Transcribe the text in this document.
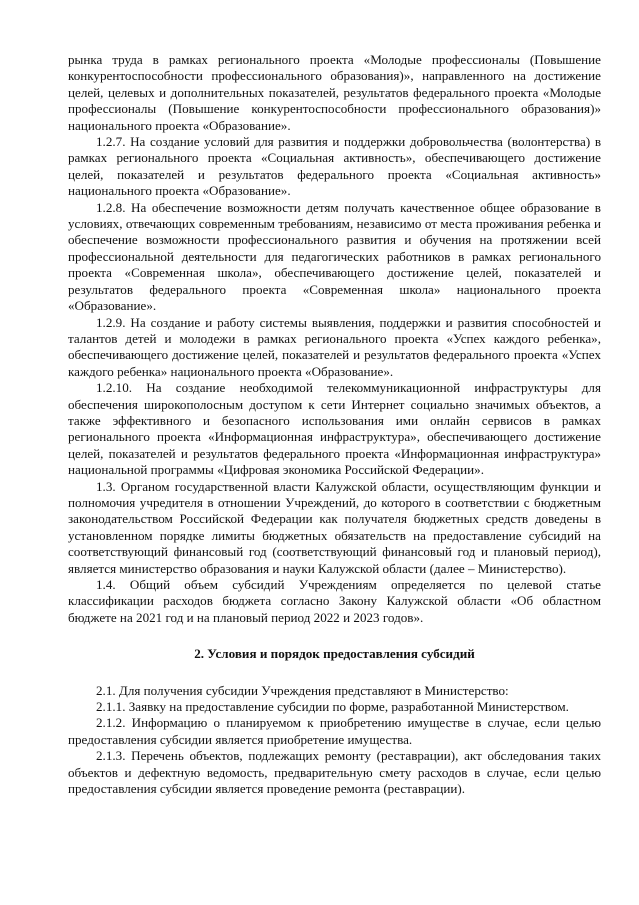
рынка труда в рамках регионального проекта «Молодые профессионалы (Повышение конкурентоспособности профессионального образования)», направленного на достижение целей, целевых и дополнительных показателей, результатов федерального проекта «Молодые профессионалы (Повышение конкурентоспособности профессионального образования)» национального проекта «Образование».

1.2.7. На создание условий для развития и поддержки добровольчества (волонтерства) в рамках регионального проекта «Социальная активность», обеспечивающего достижение целей, показателей и результатов федерального проекта «Социальная активность» национального проекта «Образование».

1.2.8. На обеспечение возможности детям получать качественное общее образование в условиях, отвечающих современным требованиям, независимо от места проживания ребенка и обеспечение возможности профессионального развития и обучения на протяжении всей профессиональной деятельности для педагогических работников в рамках регионального проекта «Современная школа», обеспечивающего достижение целей, показателей и результатов федерального проекта «Современная школа» национального проекта «Образование».

1.2.9. На создание и работу системы выявления, поддержки и развития способностей и талантов детей и молодежи в рамках регионального проекта «Успех каждого ребенка», обеспечивающего достижение целей, показателей и результатов федерального проекта «Успех каждого ребенка» национального проекта «Образование».

1.2.10. На создание необходимой телекоммуникационной инфраструктуры для обеспечения широкополосным доступом к сети Интернет социально значимых объектов, а также эффективного и безопасного использования ими онлайн сервисов в рамках регионального проекта «Информационная инфраструктура», обеспечивающего достижение целей, показателей и результатов федерального проекта «Информационная инфраструктура» национальной программы «Цифровая экономика Российской Федерации».

1.3. Органом государственной власти Калужской области, осуществляющим функции и полномочия учредителя в отношении Учреждений, до которого в соответствии с бюджетным законодательством Российской Федерации как получателя бюджетных средств доведены в установленном порядке лимиты бюджетных обязательств на предоставление субсидий на соответствующий финансовый год (соответствующий финансовый год и плановый период), является министерство образования и науки Калужской области (далее – Министерство).

1.4. Общий объем субсидий Учреждениям определяется по целевой статье классификации расходов бюджета согласно Закону Калужской области «Об областном бюджете на 2021 год и на плановый период 2022 и 2023 годов».

2. Условия и порядок предоставления субсидий

2.1. Для получения субсидии Учреждения представляют в Министерство:

2.1.1. Заявку на предоставление субсидии по форме, разработанной Министерством.

2.1.2. Информацию о планируемом к приобретению имуществе в случае, если целью предоставления субсидии является приобретение имущества.

2.1.3. Перечень объектов, подлежащих ремонту (реставрации), акт обследования таких объектов и дефектную ведомость, предварительную смету расходов в случае, если целью предоставления субсидии является проведение ремонта (реставрации).
